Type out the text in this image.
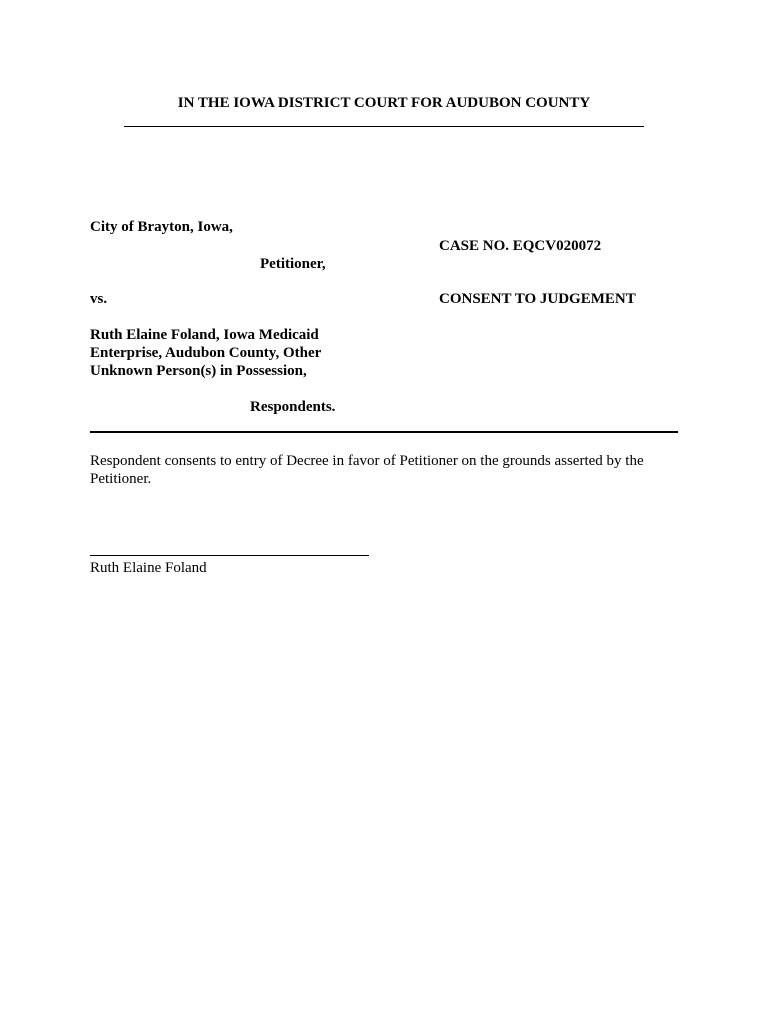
IN THE IOWA DISTRICT COURT FOR AUDUBON COUNTY
City of Brayton, Iowa,
Petitioner,
vs.
Ruth Elaine Foland, Iowa Medicaid
Enterprise, Audubon County, Other
Unknown Person(s) in Possession,
Respondents.
CASE NO. EQCV020072
CONSENT TO JUDGEMENT
Respondent consents to entry of Decree in favor of Petitioner on the grounds asserted by the Petitioner.
Ruth Elaine Foland
